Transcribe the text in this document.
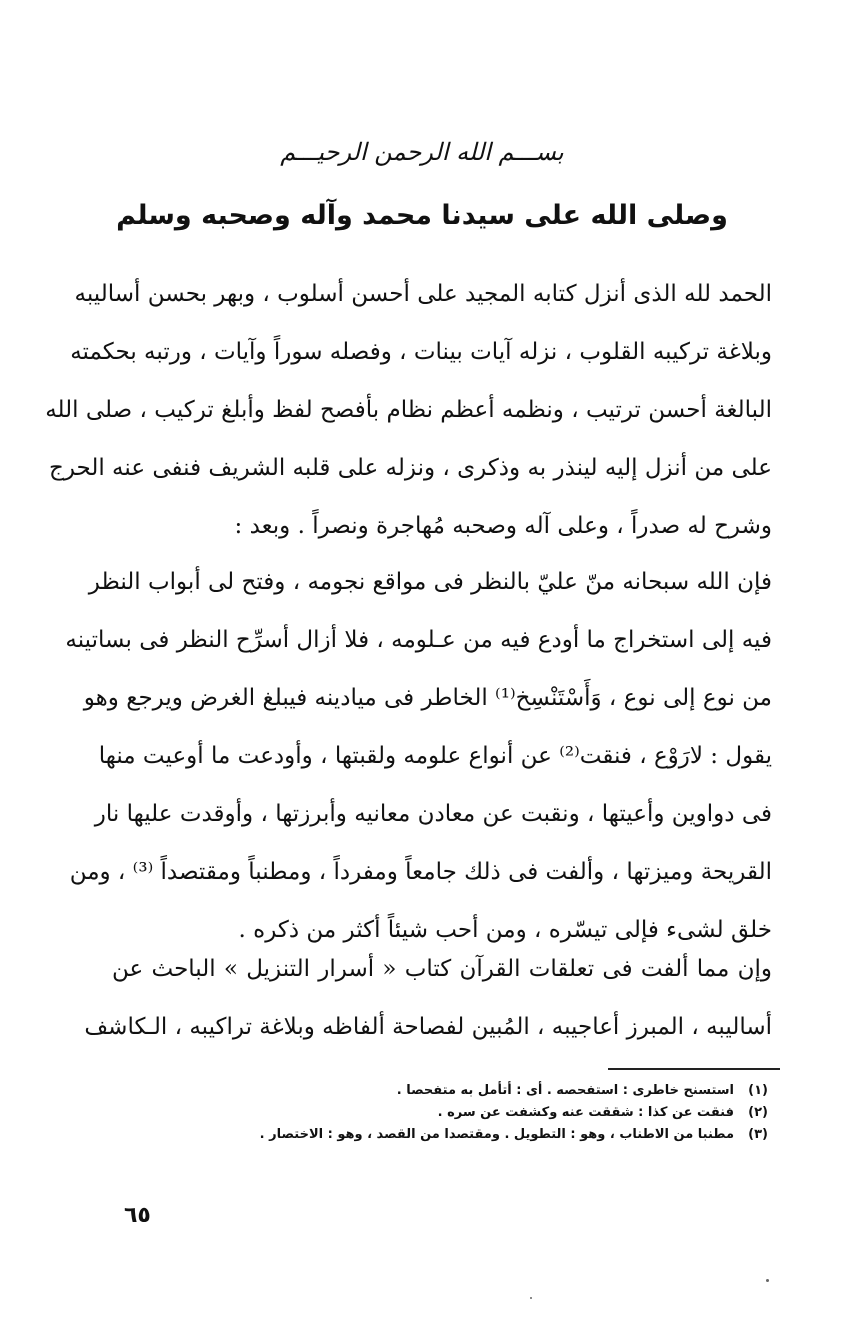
بســـم الله الرحمن الرحيـــم
وصلى الله على سيدنا محمد وآله وصحبه وسلم
الحمد لله الذى أنزل كتابه المجيد على أحسن أسلوب ، وبهر بحسن أساليبه
وبلاغة تركيبه القلوب ، نزله آيات بينات ، وفصله سوراً وآيات ، ورتبه بحكمته
البالغة أحسن ترتيب ، ونظمه أعظم نظام بأفصح لفظ وأبلغ تركيب ، صلى الله
على من أنزل إليه لينذر به وذكرى ، ونزله على قلبه الشريف فنفى عنه الحرج
وشرح له صدراً ، وعلى آله وصحبه مُهاجرة ونصراً . وبعد :
فإن الله سبحانه منّ عليّ بالنظر فى مواقع نجومه ، وفتح لى أبواب النظر
فيه إلى استخراج ما أودع فيه من عـلومه ، فلا أزال أسرِّح النظر فى بساتينه
من نوع إلى نوع ، وَأَسْتَنْسِخ⁽¹⁾ الخاطر فى ميادينه فيبلغ الغرض ويرجع وهو
يقول : لارَوْع ، فنقت⁽²⁾ عن أنواع علومه ولقبتها ، وأودعت ما أوعيت منها
فى دواوين وأعيتها ، ونقبت عن معادن معانيه وأبرزتها ، وأوقدت عليها نار
القريحة وميزتها ، وألفت فى ذلك جامعاً ومفرداً ، ومطنباً ومقتصداً ⁽³⁾ ، ومن
خلق لشىء فإلى تيسّره ، ومن أحب شيئاً أكثر من ذكره .
وإن مما ألفت فى تعلقات القرآن كتاب « أسرار التنزيل » الباحث عن
أساليبه ، المبرز أعاجيبه ، المُبين لفصاحة ألفاظه وبلاغة تراكيبه ، الـكاشف
(١)
استسنح خاطرى : استفحصه . أى : أتأمل به متفحصا .
(٢)
فنقت عن كذا : شققت عنه وكشفت عن سره .
(٣)
مطنبا من الاطناب ، وهو : التطويل . ومقتصدا من القصد ، وهو : الاختصار .
٦٥
